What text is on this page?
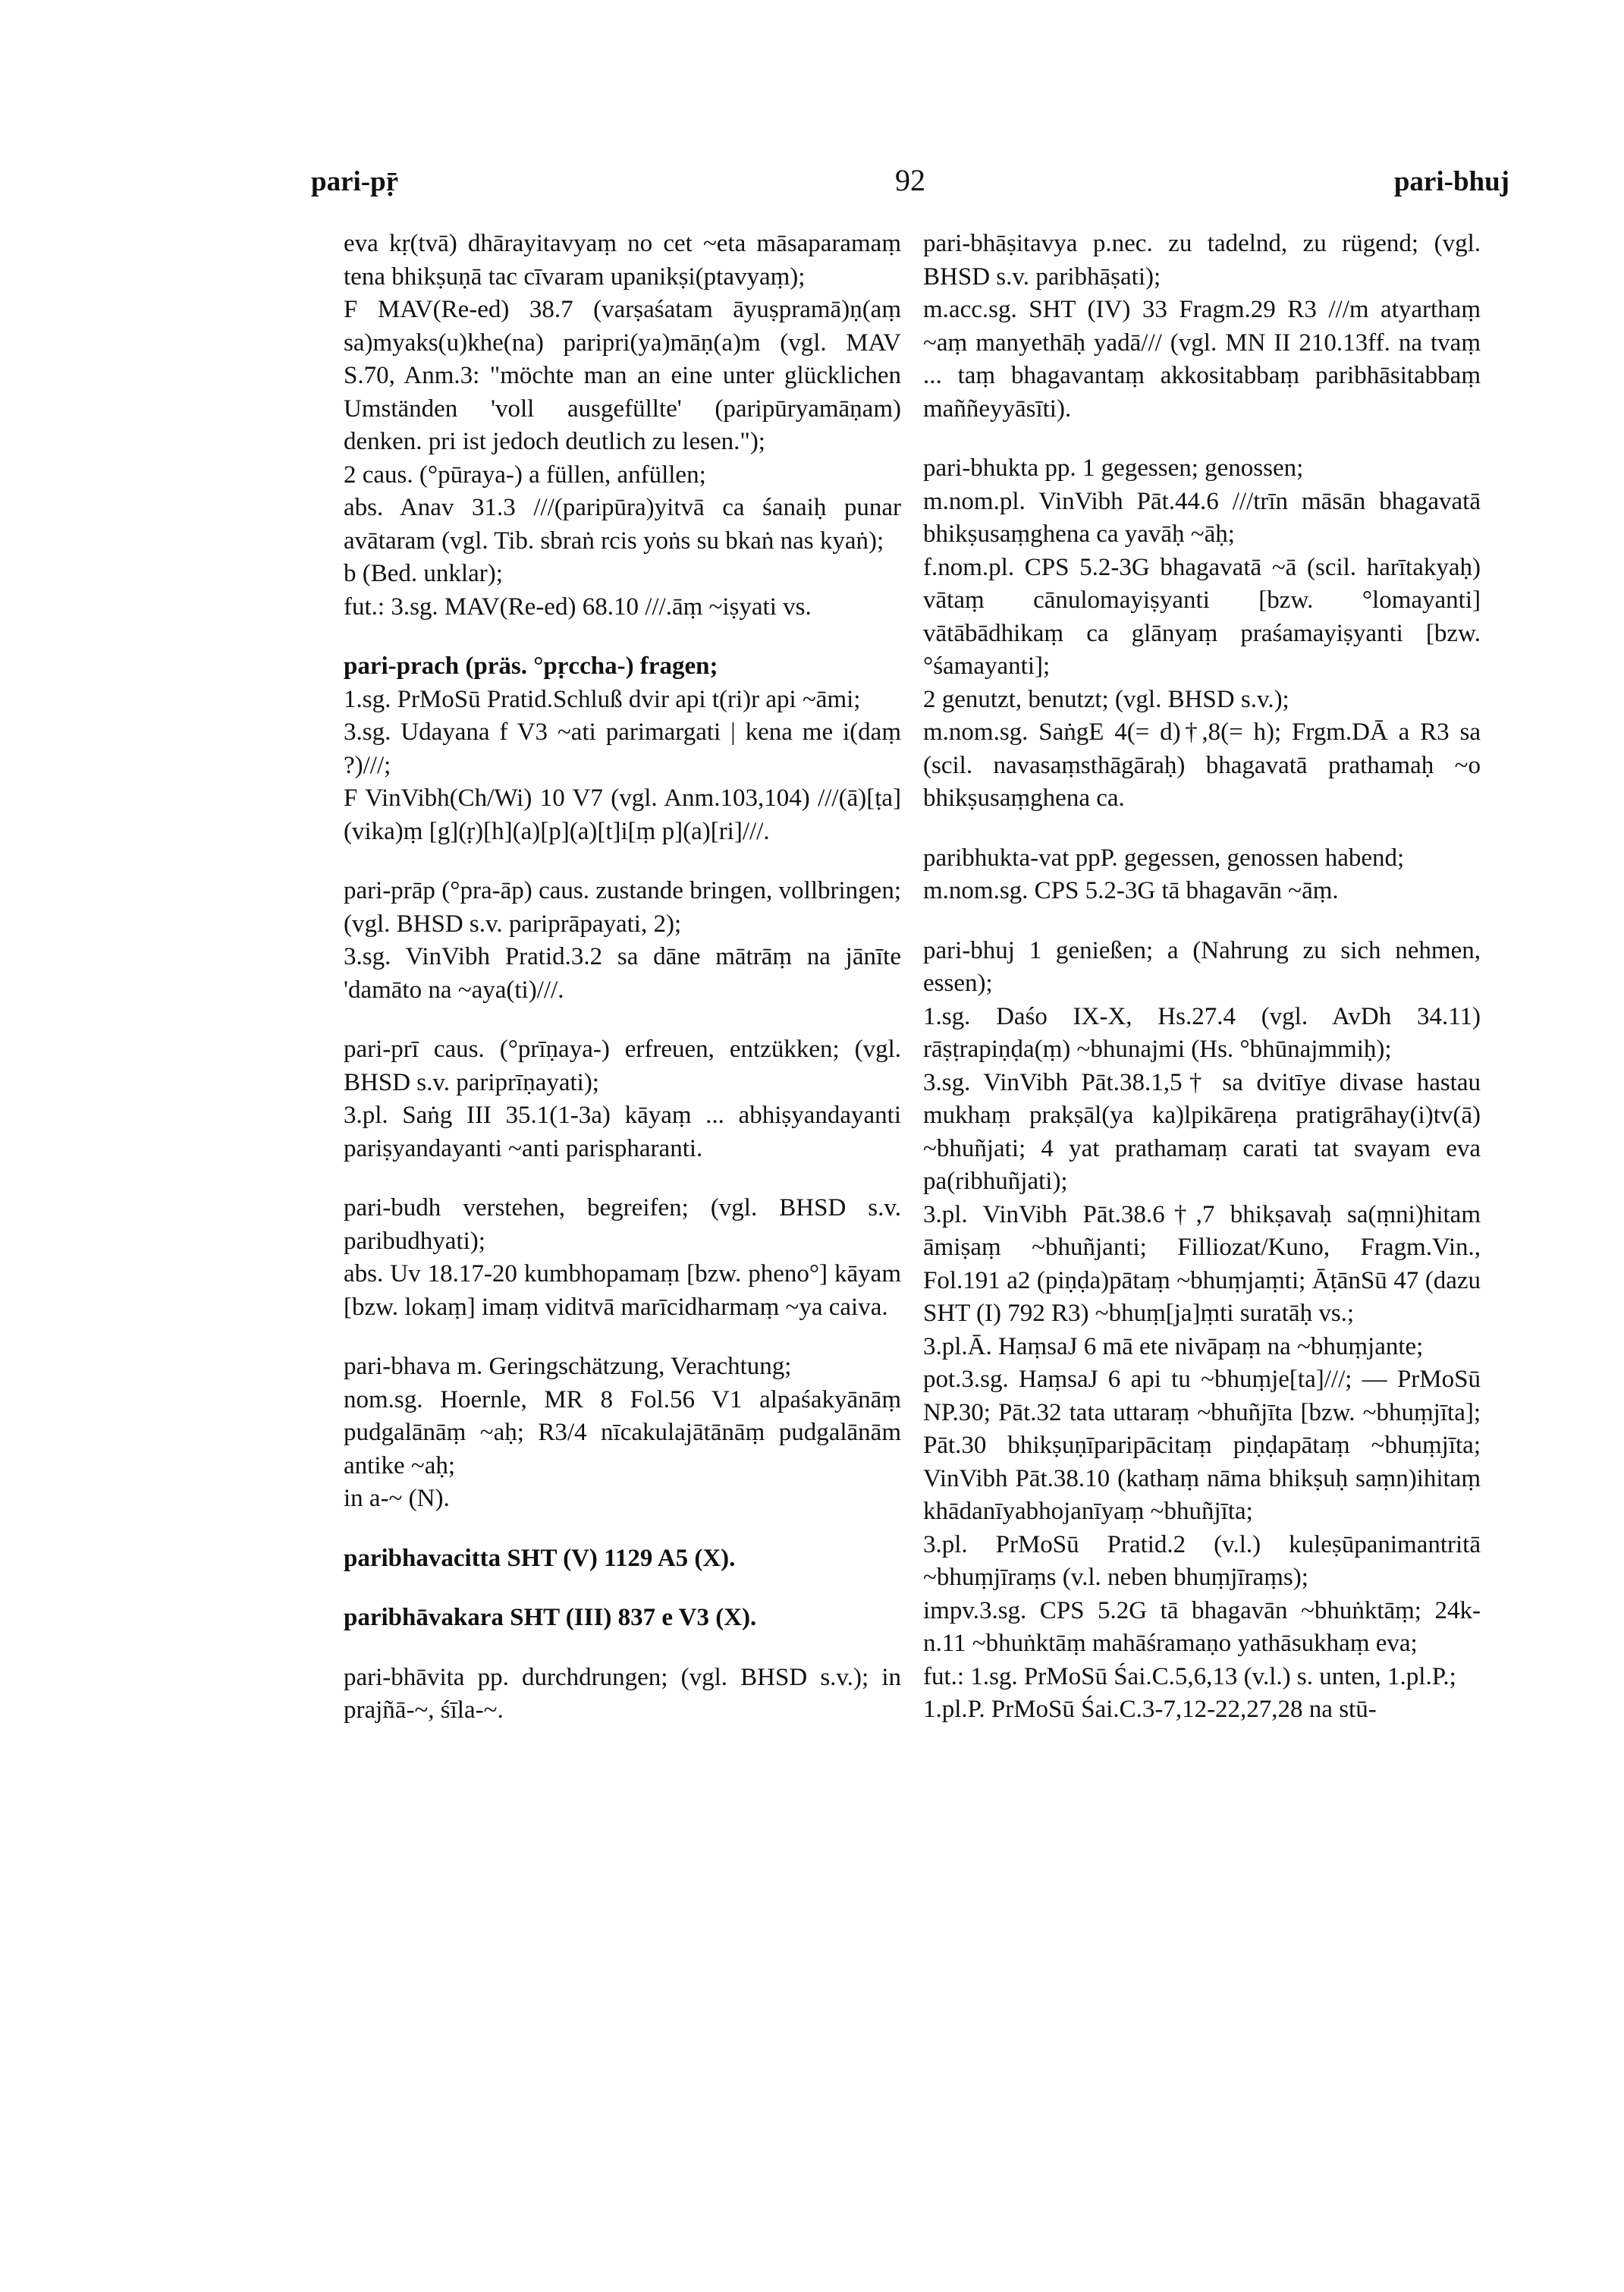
pari-pṝ	92	pari-bhuj

eva kṛ(tvā) dhārayitavyaṃ no cet ~eta māsaparamaṃ tena bhikṣuṇā tac cīvaram upanikṣi(ptavyaṃ);

F MAV(Re-ed) 38.7 (varṣaśatam āyuṣpramā)ṇ(aṃ sa)myaks(u)khe(na) paripri(ya)māṇ(a)m (vgl. MAV S.70, Anm.3: "möchte man an eine unter glücklichen Umständen 'voll ausgefüllte' (paripūryamāṇam) denken. pri ist jedoch deutlich zu lesen.");

2 caus. (°pūraya-) a füllen, anfüllen;

abs. Anav 31.3 ///(paripūra)yitvā ca śanaiḥ punar avātaram (vgl. Tib. sbraṅ rcis yoṅs su bkaṅ nas kyaṅ);

b (Bed. unklar);

fut.: 3.sg. MAV(Re-ed) 68.10 ///.āṃ ~iṣyati vs.

pari-prach (präs. °pṛccha-) fragen;

1.sg. PrMoSū Pratid.Schluß dvir api t(ri)r api ~āmi;

3.sg. Udayana f V3 ~ati parimargati | kena me i(daṃ ?)///;

F VinVibh(Ch/Wi) 10 V7 (vgl. Anm.103,104) ///(ā)[ṭa](vika)ṃ [g](ṛ)[h](a)[p](a)[t]i[ṃ p](a)[ri]///.

pari-prāp (°pra-āp) caus. zustande bringen, vollbringen; (vgl. BHSD s.v. pariprāpayati, 2);

3.sg. VinVibh Pratid.3.2 sa dāne mātrāṃ na jānīte 'damāto na ~aya(ti)///.

pari-prī caus. (°prīṇaya-) erfreuen, entzükken; (vgl. BHSD s.v. pariprīṇayati);

3.pl. Saṅg III 35.1(1-3a) kāyaṃ ... abhiṣyandayanti pariṣyandayanti ~anti parispharanti.

pari-budh verstehen, begreifen; (vgl. BHSD s.v. paribudhyati);

abs. Uv 18.17-20 kumbhopamaṃ [bzw. pheno°] kāyam [bzw. lokaṃ] imaṃ viditvā marīcidharmaṃ ~ya caiva.

pari-bhava m. Geringschätzung, Verachtung;

nom.sg. Hoernle, MR 8 Fol.56 V1 alpaśakyānāṃ pudgalānāṃ ~aḥ; R3/4 nīcakulajātānāṃ pudgalānām antike ~aḥ;

in a-~ (N).

paribhavacitta SHT (V) 1129 A5 (X).

paribhāvakara SHT (III) 837 e V3 (X).

pari-bhāvita pp. durchdrungen; (vgl. BHSD s.v.); in prajñā-~, śīla-~.

pari-bhāṣitavya p.nec. zu tadelnd, zu rügend; (vgl. BHSD s.v. paribhāṣati);

m.acc.sg. SHT (IV) 33 Fragm.29 R3 ///m atyarthaṃ ~aṃ manyethāḥ yadā/// (vgl. MN II 210.13ff. na tvaṃ ... taṃ bhagavantaṃ akkositabbaṃ paribhāsitabbaṃ maññeyyāsīti).

pari-bhukta pp. 1 gegessen; genossen;

m.nom.pl. VinVibh Pāt.44.6 ///trīn māsān bhagavatā bhikṣusaṃghena ca yavāḥ ~āḥ;

f.nom.pl. CPS 5.2-3G bhagavatā ~ā (scil. harītakyaḥ) vātaṃ cānulomayiṣyanti [bzw. °lomayanti] vātābādhikaṃ ca glānyaṃ praśamayiṣyanti [bzw. °śamayanti];

2 genutzt, benutzt; (vgl. BHSD s.v.);

m.nom.sg. SaṅgE 4(= d)†,8(= h); Frgm.DĀ a R3 sa (scil. navasaṃsthāgāraḥ) bhagavatā prathamaḥ ~o bhikṣusaṃghena ca.

paribhukta-vat ppP. gegessen, genossen habend;

m.nom.sg. CPS 5.2-3G tā bhagavān ~āṃ.

pari-bhuj 1 genießen; a (Nahrung zu sich nehmen, essen);

1.sg. Daśo IX-X, Hs.27.4 (vgl. AvDh 34.11) rāṣṭrapiṇḍa(ṃ) ~bhunajmi (Hs. °bhūnajmmiḥ);

3.sg. VinVibh Pāt.38.1,5† sa dvitīye divase hastau mukhaṃ prakṣāl(ya ka)lpikāreṇa pratigrāhay(i)tv(ā) ~bhuñjati; 4 yat prathamaṃ carati tat svayam eva pa(ribhuñjati);

3.pl. VinVibh Pāt.38.6†,7 bhikṣavaḥ sa(ṃni)hitam āmiṣaṃ ~bhuñjanti; Filliozat/Kuno, Fragm.Vin., Fol.191 a2 (piṇḍa)pātaṃ ~bhuṃjaṃti; ĀṭānSū 47 (dazu SHT (I) 792 R3) ~bhuṃ[ja]ṃti suratāḥ vs.;

3.pl.Ā. HaṃsaJ 6 mā ete nivāpaṃ na ~bhuṃjante;

pot.3.sg. HaṃsaJ 6 api tu ~bhuṃje[ta]///; — PrMoSū NP.30; Pāt.32 tata uttaraṃ ~bhuñjīta [bzw. ~bhuṃjīta]; Pāt.30 bhikṣuṇīparipācitaṃ piṇḍapātaṃ ~bhuṃjīta; VinVibh Pāt.38.10 (kathaṃ nāma bhikṣuḥ saṃn)ihitaṃ khādanīyabhojanīyaṃ ~bhuñjīta;

3.pl. PrMoSū Pratid.2 (v.l.) kuleṣūpanimantritā ~bhuṃjīraṃs (v.l. neben bhuṃjīraṃs);

impv.3.sg. CPS 5.2G tā bhagavān ~bhuṅktāṃ; 24k-n.11 ~bhuṅktāṃ mahāśramaṇo yathāsukhaṃ eva;

fut.: 1.sg. PrMoSū Śai.C.5,6,13 (v.l.) s. unten, 1.pl.P.;

1.pl.P. PrMoSū Śai.C.3-7,12-22,27,28 na stū-
